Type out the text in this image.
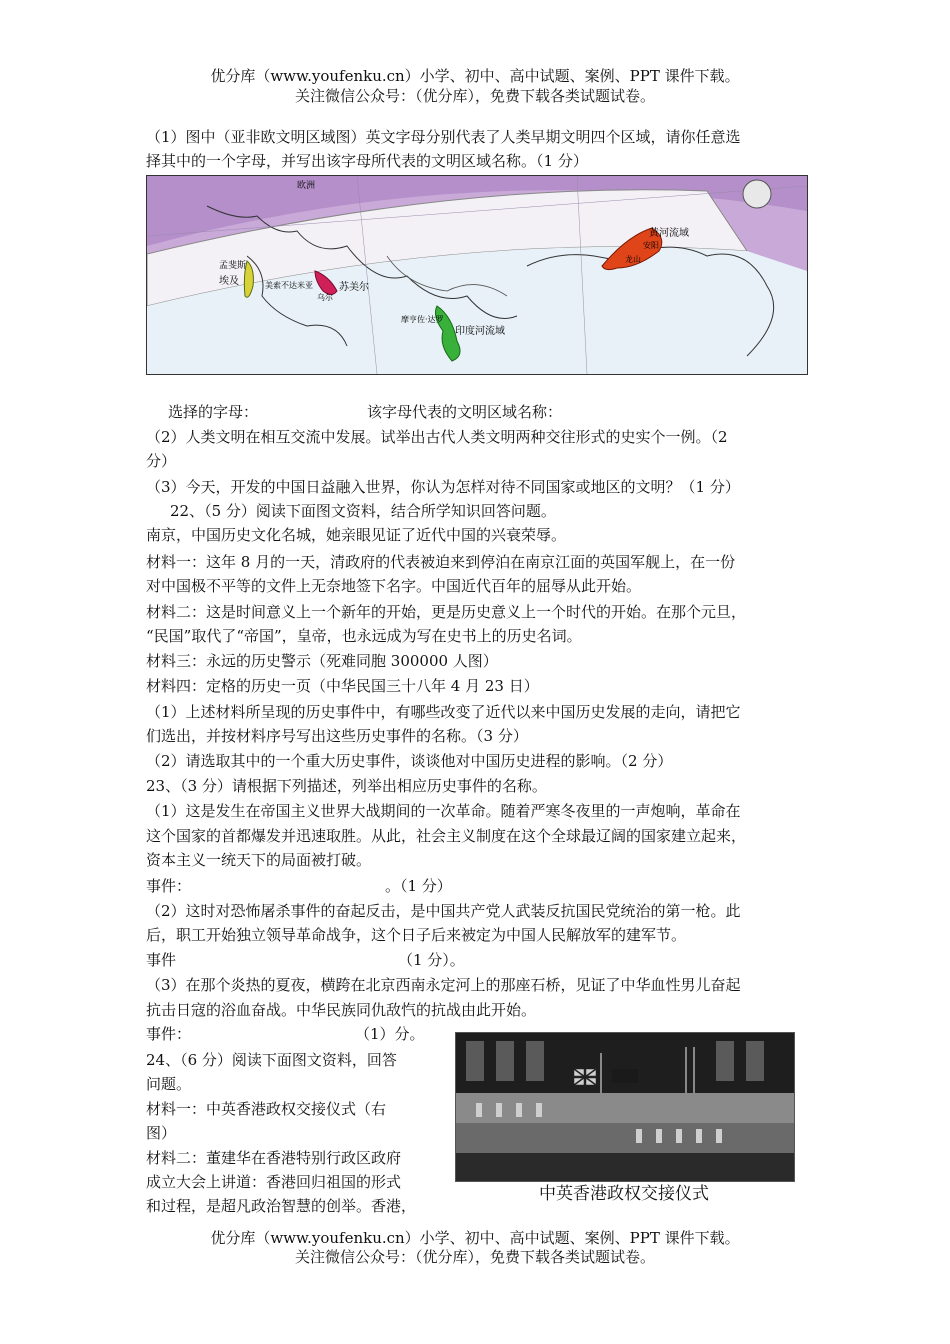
优分库（www.youfenku.cn）小学、初中、高中试题、案例、PPT 课件下载。
关注微信公众号：（优分库），免费下载各类试题试卷。
（1）图中（亚非欧文明区域图）英文字母分别代表了人类早期文明四个区域，请你任意选
择其中的一个字母，并写出该字母所代表的文明区域名称。（1 分）
欧洲
孟斐斯
埃及	美索不达米亚
乌尔
苏美尔
摩亨佐·达罗
印度河流域
黄河流域
安阳
龙山
选择的字母：	该字母代表的文明区域名称：
（2）人类文明在相互交流中发展。试举出古代人类文明两种交往形式的史实个一例。（2
分）
（3）今天，开发的中国日益融入世界，你认为怎样对待不同国家或地区的文明？（1 分）
22、（5 分）阅读下面图文资料，结合所学知识回答问题。
南京，中国历史文化名城，她亲眼见证了近代中国的兴衰荣辱。
材料一：这年 8 月的一天，清政府的代表被迫来到停泊在南京江面的英国军舰上，在一份
对中国极不平等的文件上无奈地签下名字。中国近代百年的屈辱从此开始。
材料二：这是时间意义上一个新年的开始，更是历史意义上一个时代的开始。在那个元旦，
“民国”取代了“帝国”，皇帝，也永远成为写在史书上的历史名词。
材料三：永远的历史警示（死难同胞 300000 人图）
材料四：定格的历史一页（中华民国三十八年 4 月 23 日）
（1）上述材料所呈现的历史事件中，有哪些改变了近代以来中国历史发展的走向，请把它
们选出，并按材料序号写出这些历史事件的名称。（3 分）
（2）请选取其中的一个重大历史事件，谈谈他对中国历史进程的影响。（2 分）
23、（3 分）请根据下列描述，列举出相应历史事件的名称。
（1）这是发生在帝国主义世界大战期间的一次革命。随着严寒冬夜里的一声炮响，革命在
这个国家的首都爆发并迅速取胜。从此，社会主义制度在这个全球最辽阔的国家建立起来，
资本主义一统天下的局面被打破。
事件：	。（1 分）
（2）这时对恐怖屠杀事件的奋起反击，是中国共产党人武装反抗国民党统治的第一枪。此
后，职工开始独立领导革命战争，这个日子后来被定为中国人民解放军的建军节。
事件	（1 分）。
（3）在那个炎热的夏夜，横跨在北京西南永定河上的那座石桥，见证了中华血性男儿奋起
抗击日寇的浴血奋战。中华民族同仇敌忾的抗战由此开始。
事件：	（1）分。
24、（6 分）阅读下面图文资料，回答
问题。
材料一：中英香港政权交接仪式（右
图）
材料二：董建华在香港特别行政区政府
成立大会上讲道：香港回归祖国的形式
和过程，是超凡政治智慧的创举。香港，
中英香港政权交接仪式
优分库（www.youfenku.cn）小学、初中、高中试题、案例、PPT 课件下载。
关注微信公众号：（优分库），免费下载各类试题试卷。
